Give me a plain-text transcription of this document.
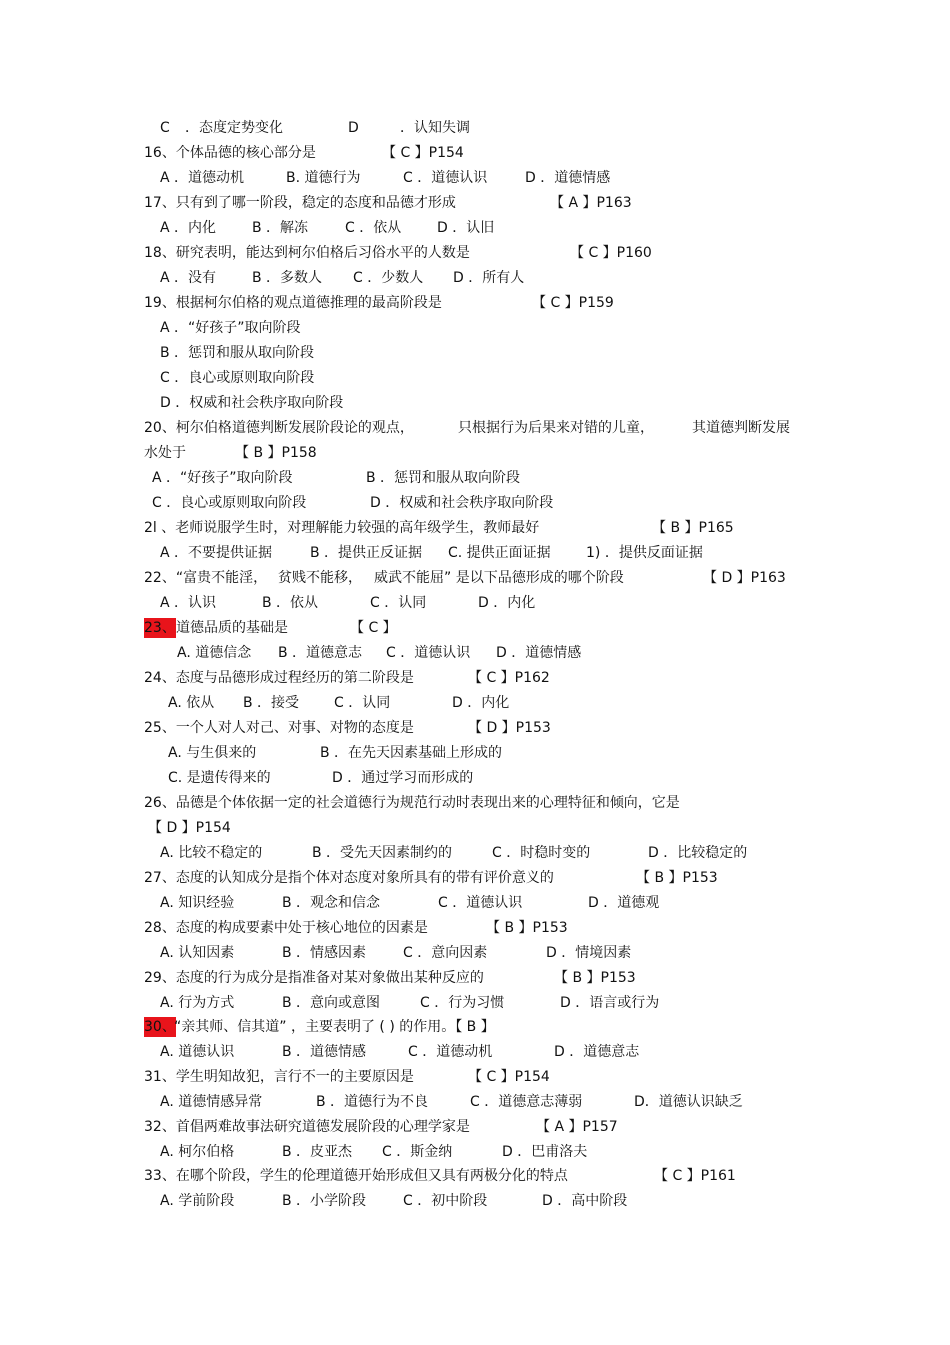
C

．态度定势变化

	D

	．认知失调

16、个体品德的核心部分是

	【 C 】P154

A ．道德动机

	B. 道德行为

	C ．道德认识

	D ．道德情感

17、只有到了哪一阶段，稳定的态度和品德才形成

	【 A 】P163

A ．内化

	B ．解冻

	C ．依从

	D ．认旧

18、研究表明，能达到柯尔伯格后习俗水平的人数是

	【 C 】P160

A ．没有

	B ．多数人

C ．少数人

D ．所有人

19、根据柯尔伯格的观点道德推理的最高阶段是

	【 C 】P159

A ．“好孩子”取向阶段

B ．惩罚和服从取向阶段

C ．良心或原则取向阶段

D ．权威和社会秩序取向阶段

20、柯尔伯格道德判断发展阶段论的观点，

	只根据行为后果来对错的儿童，

	其道德判断发展

水处于

	【 B 】P158

A ．“好孩子”取向阶段

	B ．惩罚和服从取向阶段

C ．良心或原则取向阶段

	D ．权威和社会秩序取向阶段

2l 、老师说服学生时，对理解能力较强的高年级学生，教师最好

	【 B 】P165

A ．不要提供证据

	B ．提供正反证据

C. 提供正面证据

	1) ．提供反面证据

22、“富贵不能淫，

贫贱不能移，

威武不能屈” 是以下品德形成的哪个阶段

	【 D 】P163

A ．认识

	B ．依从

	C ．认同

	D ．内化

23、

道德品质的基础是

	【 C 】

A. 道德信念

B ．道德意志

C ．道德认识

D ．道德情感

24、态度与品德形成过程经历的第二阶段是

	【 C 】P162

A. 依从

B ．接受

C ．认同

	D ．内化

25、一个人对人对己、对事、对物的态度是

	【 D 】P153

A. 与生俱来的

	B ．在先天因素基础上形成的

C. 是遗传得来的

	D ．通过学习而形成的

26、品德是个体依据一定的社会道德行为规范行动时表现出来的心理特征和倾向，它是

【 D 】P154

A. 比较不稳定的

	B ．受先天因素制约的

	C ．时稳时变的

	D ．比较稳定的

27、态度的认知成分是指个体对态度对象所具有的带有评价意义的

	【 B 】P153

A. 知识经验

	B ．观念和信念

	C ．道德认识

	D ．道德观

28、态度的构成要素中处于核心地位的因素是

	【 B 】P153

A. 认知因素

	B ．情感因素

	C ．意向因素

	D ．情境因素

29、态度的行为成分是指准备对某对象做出某种反应的

	【 B 】P153

A. 行为方式

	B ．意向或意图

	C ．行为习惯

	D ．语言或行为

30、

“亲其师、信其道” ，主要表明了 ( ) 的作用。【 B 】

A. 道德认识

	B ．道德情感

	C ．道德动机

	D ．道德意志

31、学生明知故犯，言行不一的主要原因是

	【 C 】P154

A. 道德情感异常

	B ．道德行为不良

	C ．道德意志薄弱

	D．道德认识缺乏

32、首倡两难故事法研究道德发展阶段的心理学家是

	【 A 】P157

A. 柯尔伯格

	B ．皮亚杰

C ．斯金纳

	D ．巴甫洛夫

33、在哪个阶段，学生的伦理道德开始形成但又具有两极分化的特点

	【 C 】P161

A. 学前阶段

	B ．小学阶段

	C ．初中阶段

	D ．高中阶段
